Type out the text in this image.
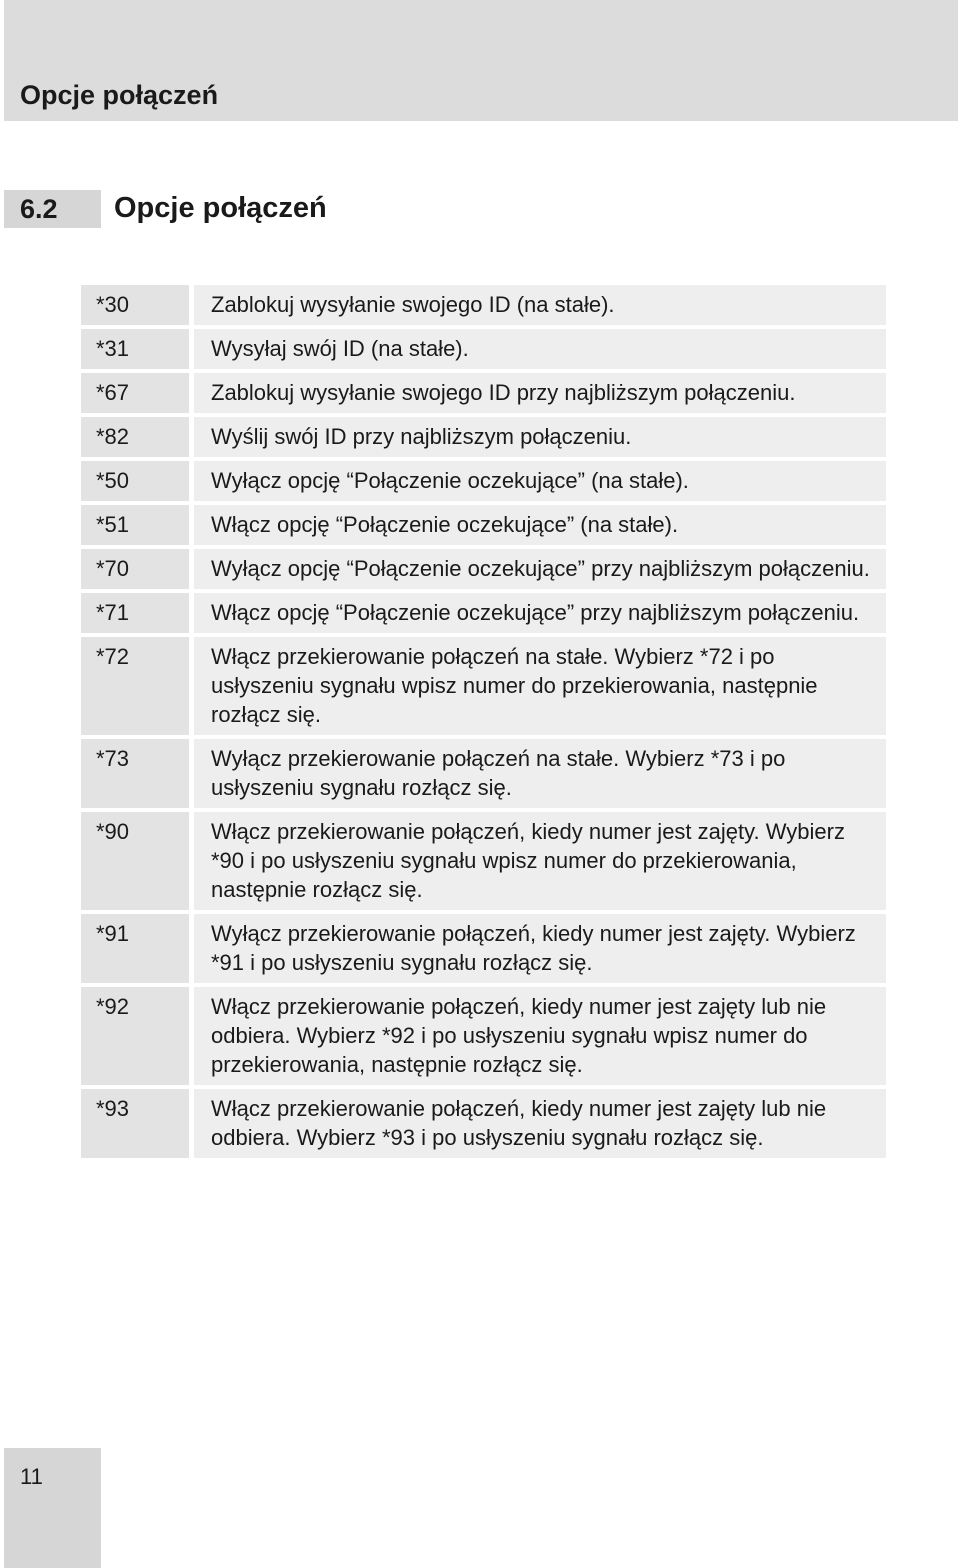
Opcje połączeń
6.2 Opcje połączeń
*30	Zablokuj wysyłanie swojego ID (na stałe).
*31	Wysyłaj swój ID (na stałe).
*67	Zablokuj wysyłanie swojego ID przy najbliższym połączeniu.
*82	Wyślij swój ID przy najbliższym połączeniu.
*50	Wyłącz opcję “Połączenie oczekujące” (na stałe).
*51	Włącz opcję “Połączenie oczekujące” (na stałe).
*70	Wyłącz opcję “Połączenie oczekujące” przy najbliższym połączeniu.
*71	Włącz opcję “Połączenie oczekujące” przy najbliższym połączeniu.
*72	Włącz przekierowanie połączeń na stałe. Wybierz *72 i po usłyszeniu sygnału wpisz numer do przekierowania, następnie rozłącz się.
*73	Wyłącz przekierowanie połączeń na stałe. Wybierz *73 i po usłyszeniu sygnału rozłącz się.
*90	Włącz przekierowanie połączeń, kiedy numer jest zajęty. Wybierz *90 i po usłyszeniu sygnału wpisz numer do przekierowania, następnie rozłącz się.
*91	Wyłącz przekierowanie połączeń, kiedy numer jest zajęty. Wybierz *91 i po usłyszeniu sygnału rozłącz się.
*92	Włącz przekierowanie połączeń, kiedy numer jest zajęty lub nie odbiera. Wybierz *92 i po usłyszeniu sygnału wpisz numer do przekierowania, następnie rozłącz się.
*93	Włącz przekierowanie połączeń, kiedy numer jest zajęty lub nie odbiera. Wybierz *93 i po usłyszeniu sygnału rozłącz się.
11
